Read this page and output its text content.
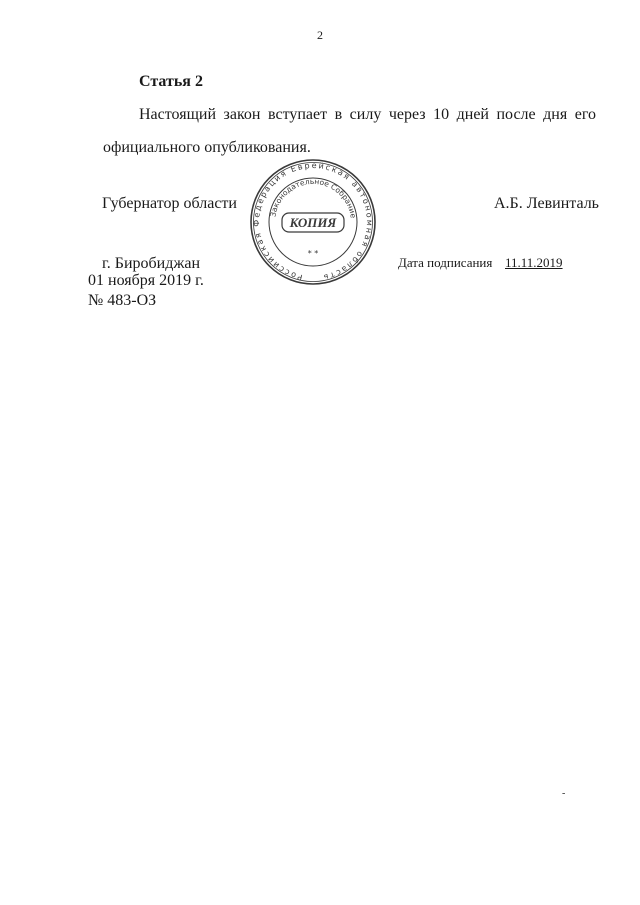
2
Статья 2
Настоящий закон вступает в силу через 10 дней после дня его
официального опубликования.
Губернатор области	А.Б. Левинталь
Российская Федерация Еврейская автономная область
Законодательное Собрание
КОПИЯ
* *
г. Биробиджан
01 ноября 2019 г.
№ 483-ОЗ
Дата подписания 11.11.2019
-
